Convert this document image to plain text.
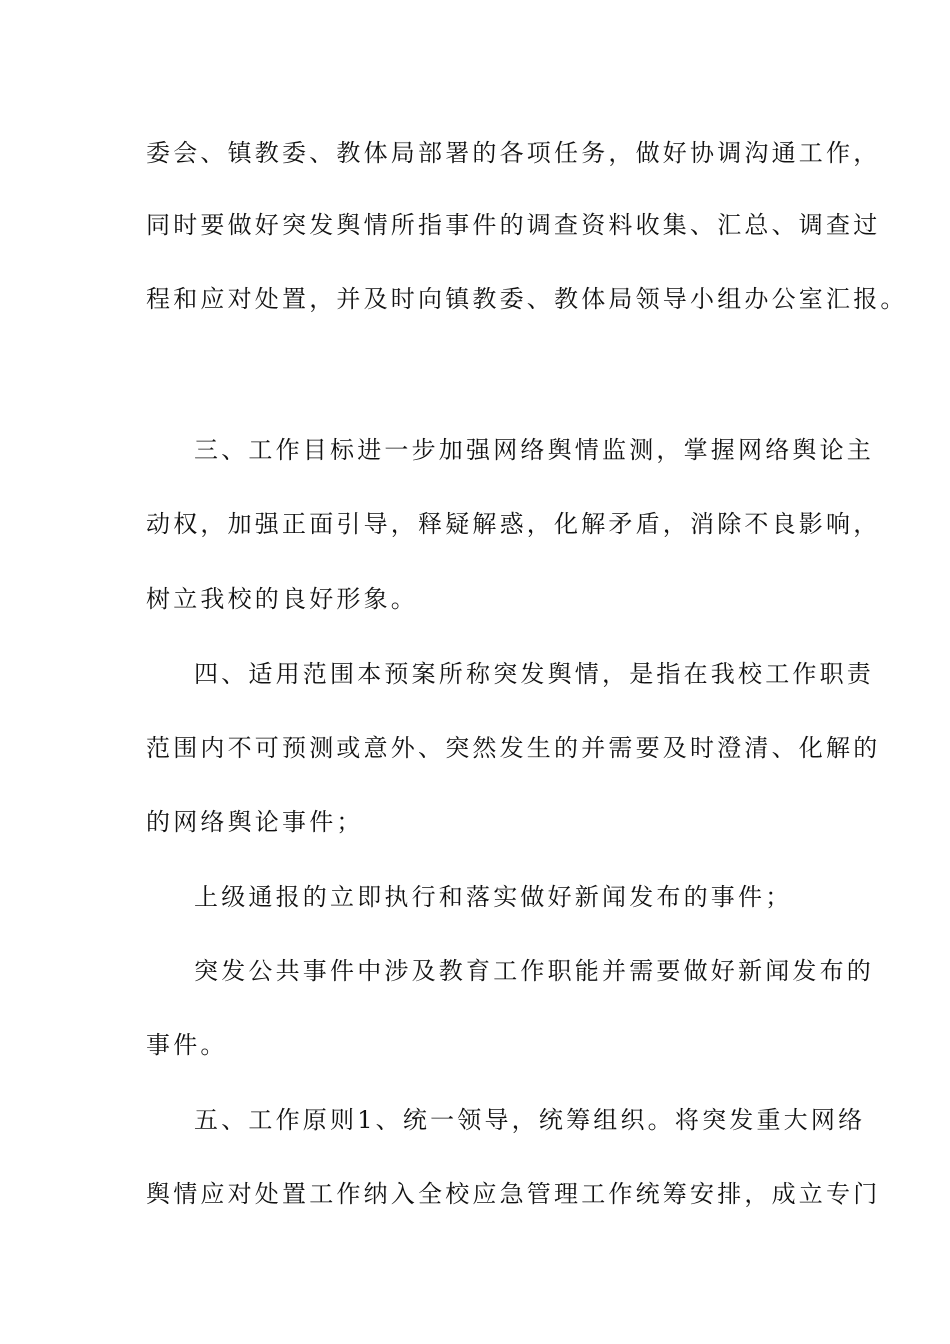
委会、镇教委、教体局部署的各项任务，做好协调沟通工作，
同时要做好突发舆情所指事件的调查资料收集、汇总、调查过
程和应对处置，并及时向镇教委、教体局领导小组办公室汇报。
三、工作目标进一步加强网络舆情监测，掌握网络舆论主
动权，加强正面引导，释疑解惑，化解矛盾，消除不良影响，
树立我校的良好形象。
四、适用范围本预案所称突发舆情，是指在我校工作职责
范围内不可预测或意外、突然发生的并需要及时澄清、化解的
的网络舆论事件；
上级通报的立即执行和落实做好新闻发布的事件；
突发公共事件中涉及教育工作职能并需要做好新闻发布的
事件。
五、工作原则1、统一领导，统筹组织。将突发重大网络
舆情应对处置工作纳入全校应急管理工作统筹安排，成立专门
